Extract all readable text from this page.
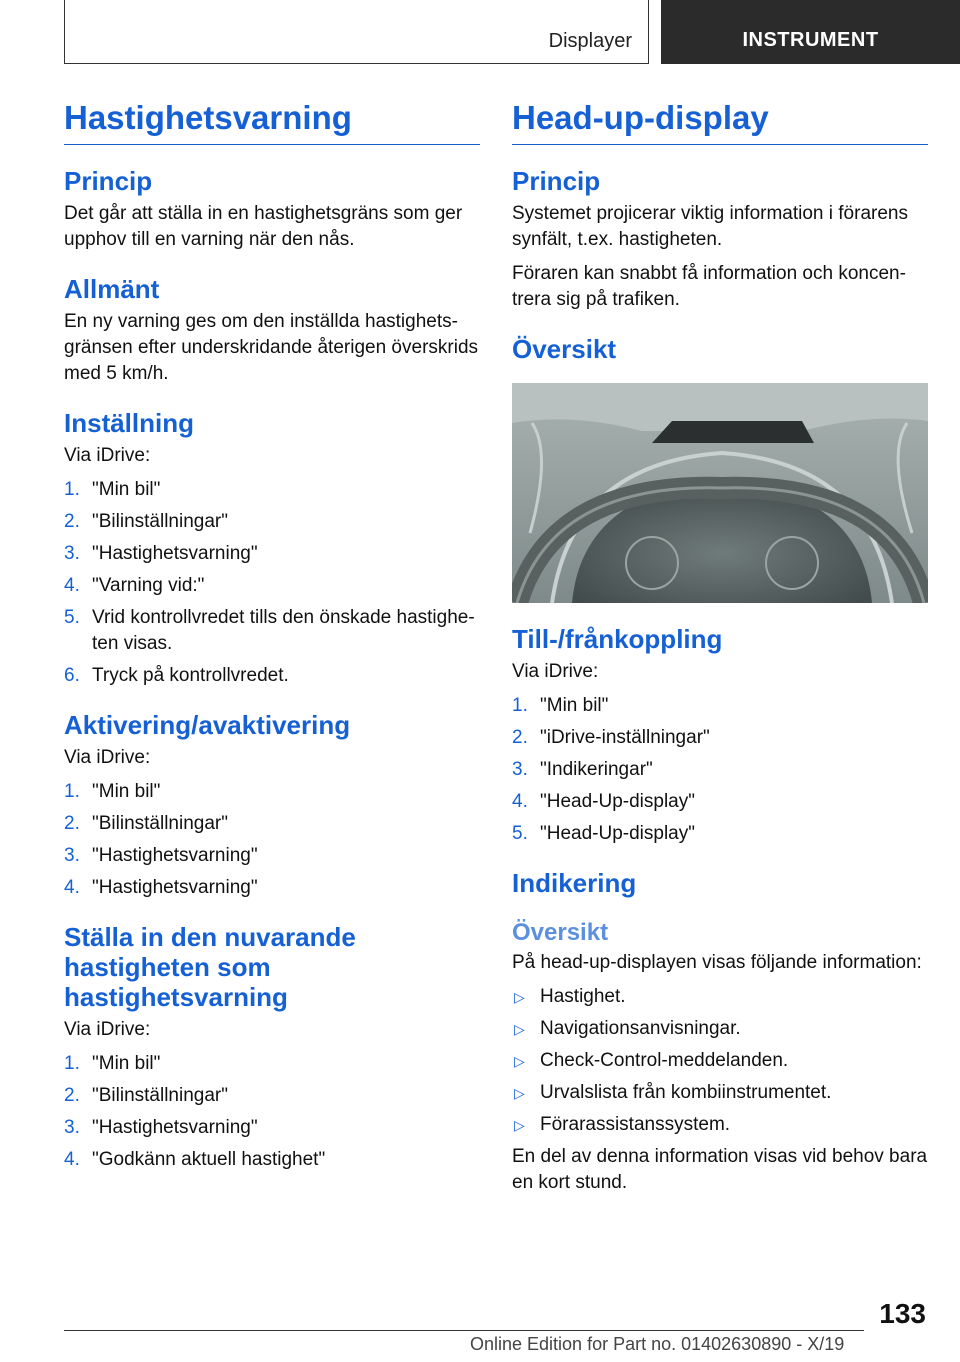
Displayer	INSTRUMENT
Hastighetsvarning
Princip

Det går att ställa in en hastighetsgräns som ger upphov till en varning när den nås.

Allmänt

En ny varning ges om den inställda hastighetsgränsen efter underskridande återigen överskrids med 5 km/h.

Inställning

Via iDrive:

1. "Min bil"
2. "Bilinställningar"
3. "Hastighetsvarning"
4. "Varning vid:"
5. Vrid kontrollvredet tills den önskade hastigheten visas.
6. Tryck på kontrollvredet.
Aktivering/avaktivering

Via iDrive:

1. "Min bil"
2. "Bilinställningar"
3. "Hastighetsvarning"
4. "Hastighetsvarning"
Ställa in den nuvarande hastigheten som hastighetsvarning

Via iDrive:

1. "Min bil"
2. "Bilinställningar"
3. "Hastighetsvarning"
4. "Godkänn aktuell hastighet"
Head-up-display
Princip

Systemet projicerar viktig information i förarens synfält, t.ex. hastigheten.

Föraren kan snabbt få information och koncentrera sig på trafiken.

Översikt
Till-/frånkoppling

Via iDrive:

1. "Min bil"
2. "iDrive-inställningar"
3. "Indikeringar"
4. "Head-Up-display"
5. "Head-Up-display"
Indikering
Översikt

På head-up-displayen visas följande information:

▷ Hastighet.
▷ Navigationsanvisningar.
▷ Check-Control-meddelanden.
▷ Urvalslista från kombiinstrumentet.
▷ Förarassistanssystem.

En del av denna information visas vid behov bara en kort stund.

133
Online Edition for Part no. 01402630890 - X/19
